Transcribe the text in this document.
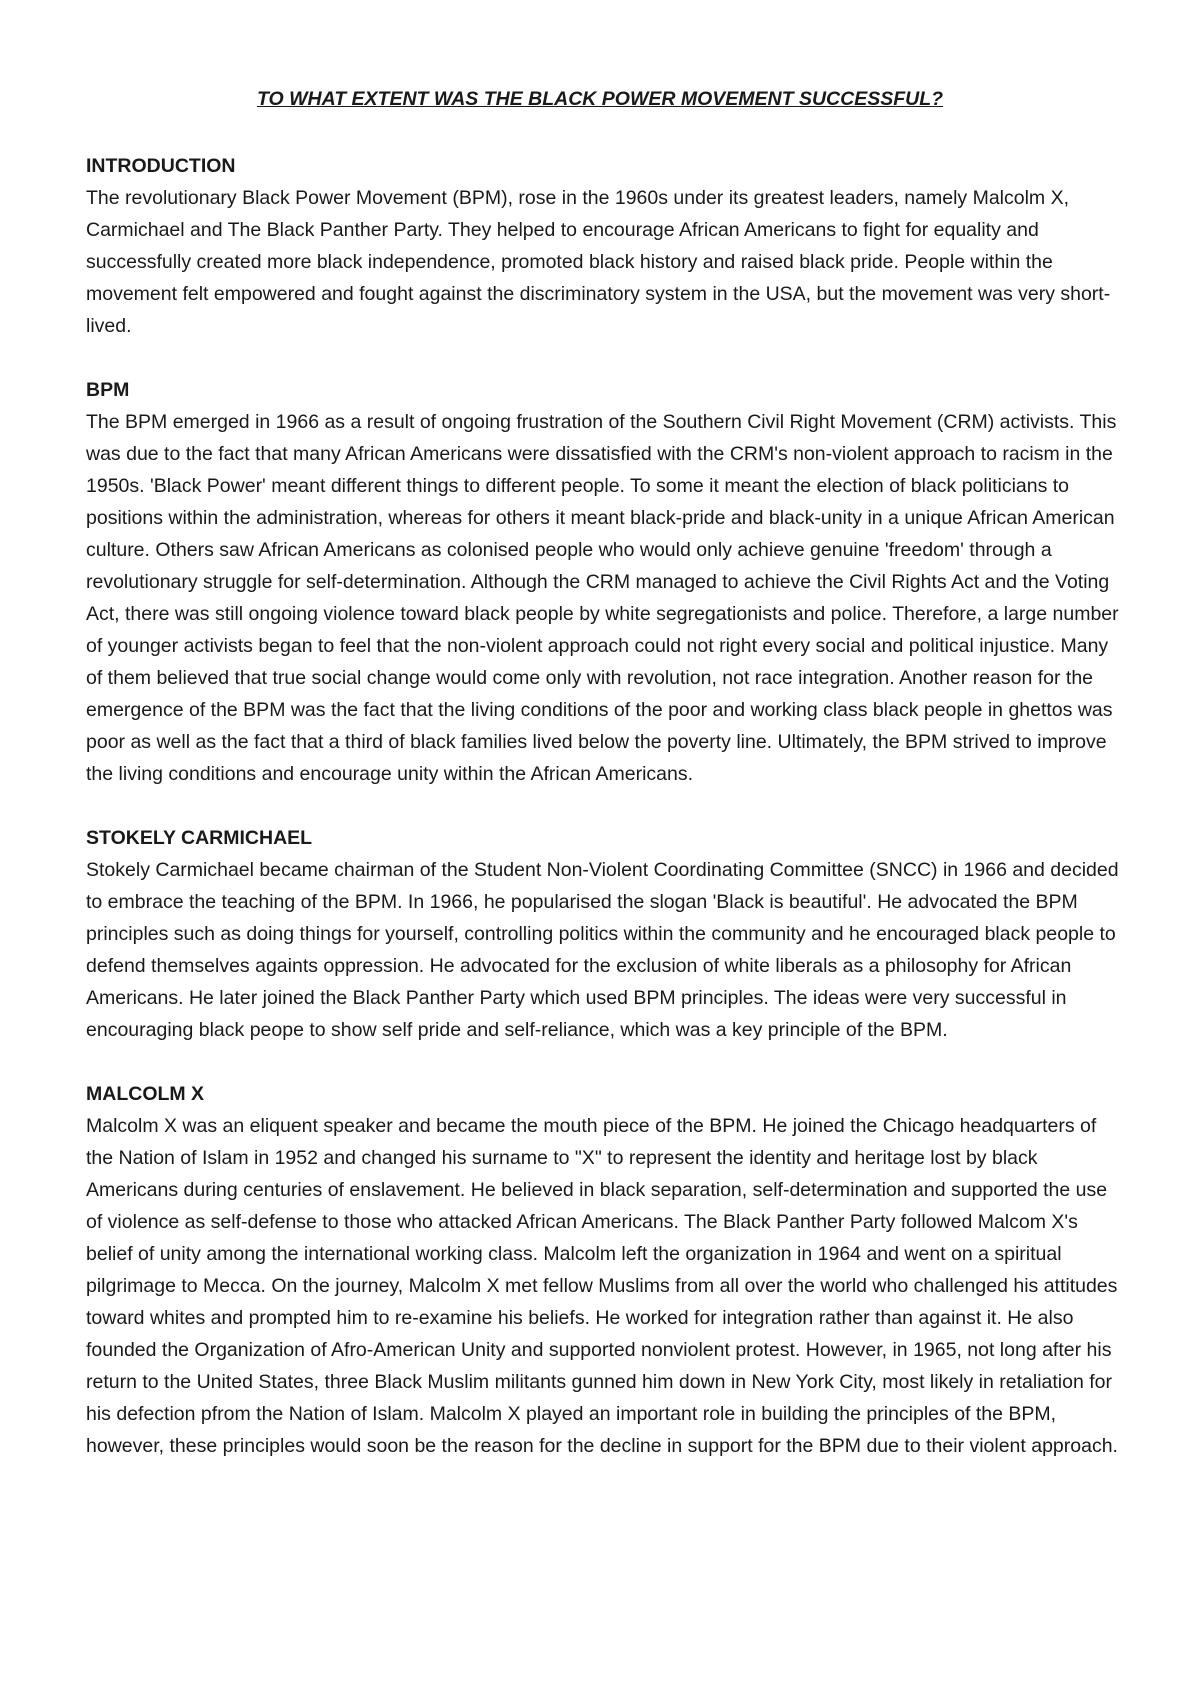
TO WHAT EXTENT WAS THE BLACK POWER MOVEMENT SUCCESSFUL?

INTRODUCTION

The revolutionary Black Power Movement (BPM), rose in the 1960s under its greatest leaders, namely Malcolm X, Carmichael and The Black Panther Party. They helped to encourage African Americans to fight for equality and successfully created more black independence, promoted black history and raised black pride. People within the movement felt empowered and fought against the discriminatory system in the USA, but the movement was very short- lived.

BPM

The BPM emerged in 1966 as a result of ongoing frustration of the Southern Civil Right Movement (CRM) activists. This was due to the fact that many African Americans were dissatisfied with the CRM's non-violent approach to racism in the 1950s. 'Black Power' meant different things to different people. To some it meant the election of black politicians to positions within the administration, whereas for others it meant black-pride and black-unity in a unique African American culture. Others saw African Americans as colonised people who would only achieve genuine 'freedom' through a revolutionary struggle for self-determination. Although the CRM managed to achieve the Civil Rights Act and the Voting Act, there was still ongoing violence toward black people by white segregationists and police. Therefore, a large number of younger activists began to feel that the non-violent approach could not right every social and political injustice. Many of them believed that true social change would come only with revolution, not race integration. Another reason for the emergence of the BPM was the fact that the living conditions of the poor and working class black people in ghettos was poor as well as the fact that a third of black families lived below the poverty line. Ultimately, the BPM strived to improve the living conditions and encourage unity within the African Americans.

STOKELY CARMICHAEL

Stokely Carmichael became chairman of the Student Non-Violent Coordinating Committee (SNCC) in 1966 and decided to embrace the teaching of the BPM. In 1966, he popularised the slogan 'Black is beautiful'. He advocated the BPM principles such as doing things for yourself, controlling politics within the community and he encouraged black people to defend themselves againts oppression. He advocated for the exclusion of white liberals as a philosophy for African Americans. He later joined the Black Panther Party which used BPM principles. The ideas were very successful in encouraging black peope to show self pride and self-reliance, which was a key principle of the BPM.

MALCOLM X

Malcolm X was an eliquent speaker and became the mouth piece of the BPM. He joined the Chicago headquarters of the Nation of Islam in 1952 and changed his surname to "X" to represent the identity and heritage lost by black Americans during centuries of enslavement. He believed in black separation, self-determination and supported the use of violence as self-defense to those who attacked African Americans. The Black Panther Party followed Malcom X's belief of unity among the international working class. Malcolm left the organization in 1964 and went on a spiritual pilgrimage to Mecca. On the journey, Malcolm X met fellow Muslims from all over the world who challenged his attitudes toward whites and prompted him to re-examine his beliefs. He worked for integration rather than against it. He also founded the Organization of Afro-American Unity and supported nonviolent protest. However, in 1965, not long after his return to the United States, three Black Muslim militants gunned him down in New York City, most likely in retaliation for his defection pfrom the Nation of Islam. Malcolm X played an important role in building the principles of the BPM, however, these principles would soon be the reason for the decline in support for the BPM due to their violent approach.
